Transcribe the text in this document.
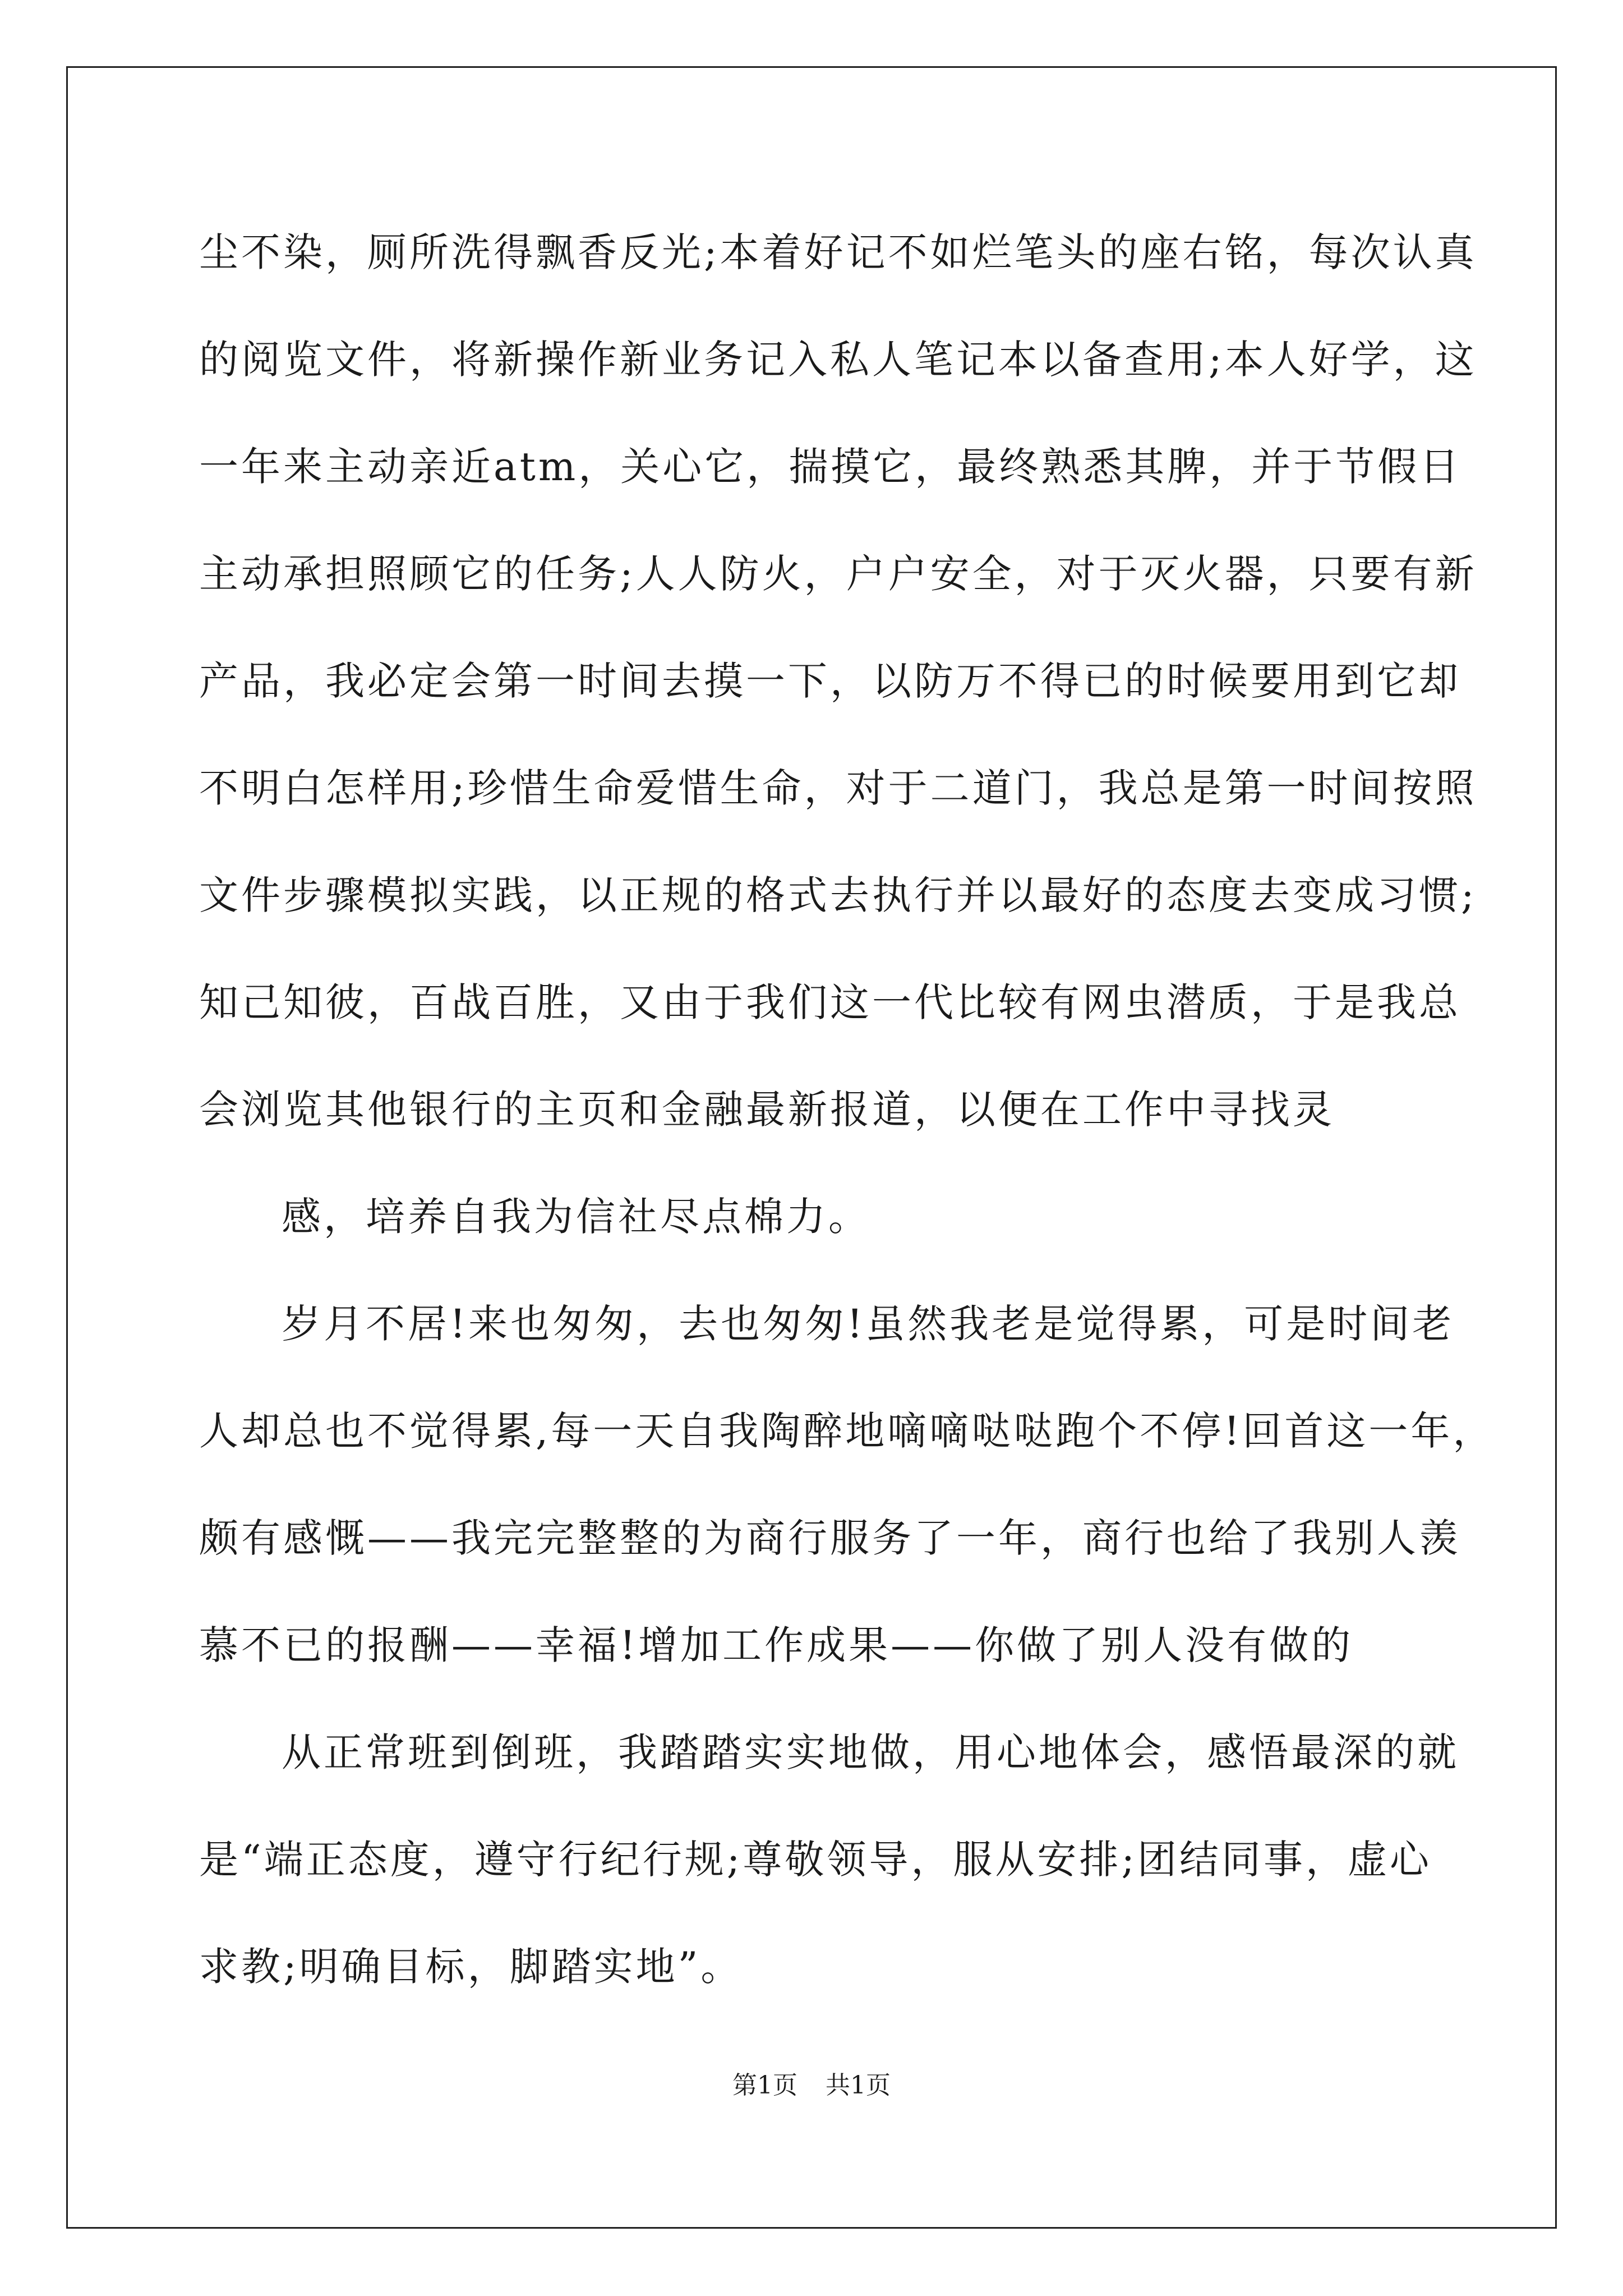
尘不染，厕所洗得飘香反光;本着好记不如烂笔头的座右铭，每次认真
的阅览文件，将新操作新业务记入私人笔记本以备查用;本人好学，这
一年来主动亲近atm，关心它，揣摸它，最终熟悉其脾，并于节假日
主动承担照顾它的任务;人人防火，户户安全，对于灭火器，只要有新
产品，我必定会第一时间去摸一下，以防万不得已的时候要用到它却
不明白怎样用;珍惜生命爱惜生命，对于二道门，我总是第一时间按照
文件步骤模拟实践，以正规的格式去执行并以最好的态度去变成习惯;
知己知彼，百战百胜，又由于我们这一代比较有网虫潜质，于是我总
会浏览其他银行的主页和金融最新报道，以便在工作中寻找灵
感，培养自我为信社尽点棉力。
岁月不居!来也匆匆，去也匆匆!虽然我老是觉得累，可是时间老
人却总也不觉得累,每一天自我陶醉地嘀嘀哒哒跑个不停!回首这一年，
颇有感慨——我完完整整的为商行服务了一年，商行也给了我别人羡
慕不已的报酬——幸福!增加工作成果——你做了别人没有做的
从正常班到倒班，我踏踏实实地做，用心地体会，感悟最深的就
是“端正态度，遵守行纪行规;尊敬领导，服从安排;团结同事，虚心
求教;明确目标，脚踏实地”。
第1页 共1页
